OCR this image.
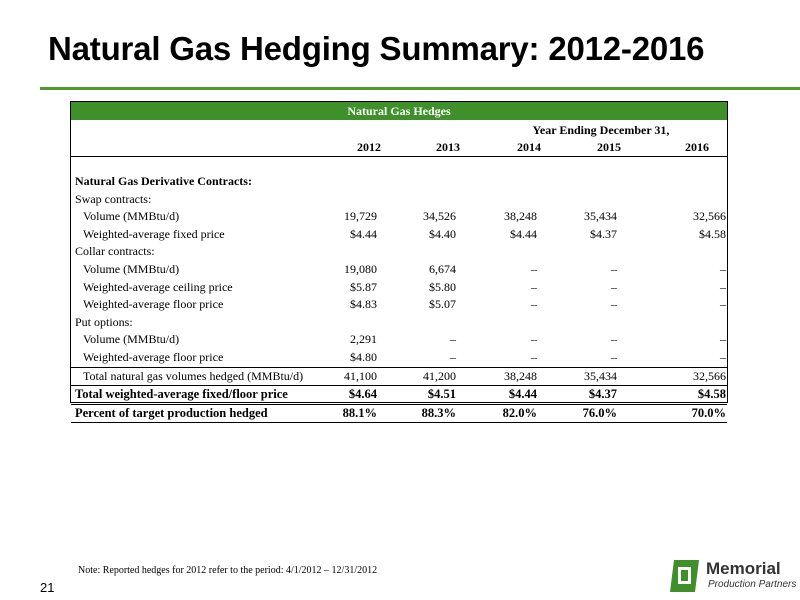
Natural Gas Hedging Summary: 2012-2016
Natural Gas Hedges
Year Ending December 31,
2012	2013	2014	2015	2016
Natural Gas Derivative Contracts:
Swap contracts:
Volume (MMBtu/d)	19,729	34,526	38,248	35,434	32,566
Weighted-average fixed price	$4.44	$4.40	$4.44	$4.37	$4.58
Collar contracts:
Volume (MMBtu/d)	19,080	6,674	–	–	–
Weighted-average ceiling price	$5.87	$5.80	–	–	–
Weighted-average floor price	$4.83	$5.07	–	–	–
Put options:
Volume (MMBtu/d)	2,291	–	–	–	–
Weighted-average floor price	$4.80	–	–	–	–
Total natural gas volumes hedged (MMBtu/d)	41,100	41,200	38,248	35,434	32,566
Total weighted-average fixed/floor price	$4.64	$4.51	$4.44	$4.37	$4.58
Percent of target production hedged	88.1%	88.3%	82.0%	76.0%	70.0%
Note: Reported hedges for 2012 refer to the period: 4/1/2012 – 12/31/2012
21
Memorial
Production Partners
